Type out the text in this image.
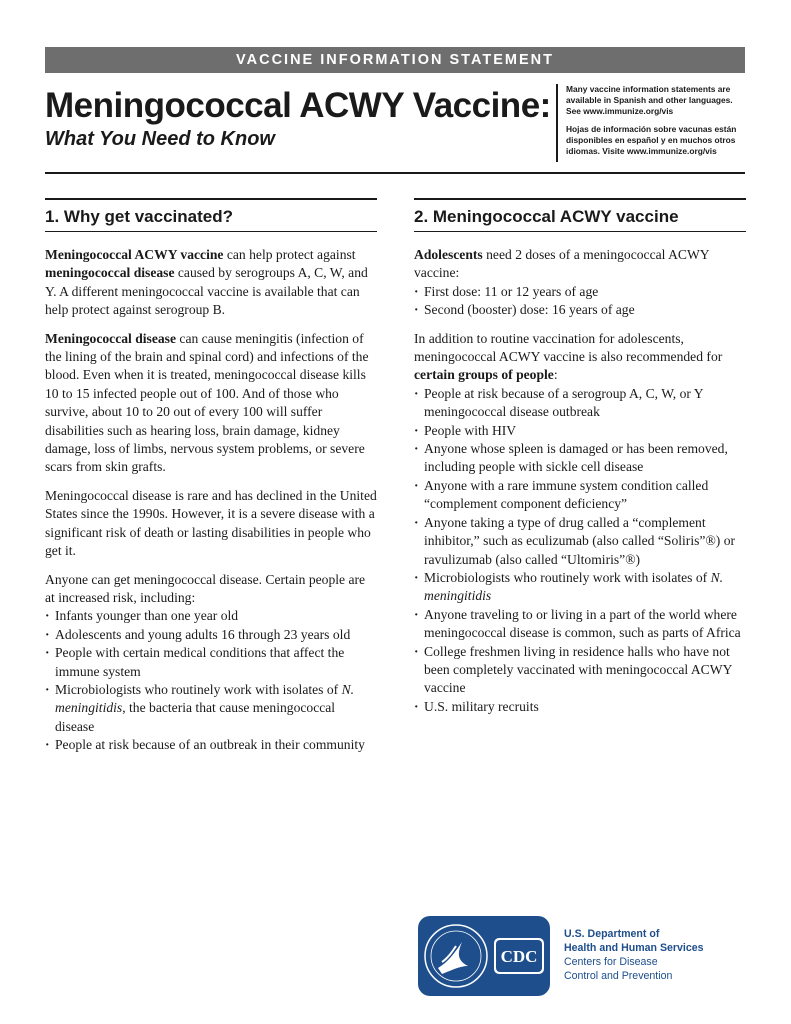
VACCINE INFORMATION STATEMENT
Meningococcal ACWY Vaccine:
What You Need to Know

Many vaccine information statements are available in Spanish and other languages. See www.immunize.org/vis

Hojas de información sobre vacunas están disponibles en español y en muchos otros idiomas. Visite www.immunize.org/vis

1. Why get vaccinated?

Meningococcal ACWY vaccine can help protect against meningococcal disease caused by serogroups A, C, W, and Y. A different meningococcal vaccine is available that can help protect against serogroup B.

Meningococcal disease can cause meningitis (infection of the lining of the brain and spinal cord) and infections of the blood. Even when it is treated, meningococcal disease kills 10 to 15 infected people out of 100. And of those who survive, about 10 to 20 out of every 100 will suffer disabilities such as hearing loss, brain damage, kidney damage, loss of limbs, nervous system problems, or severe scars from skin grafts.

Meningococcal disease is rare and has declined in the United States since the 1990s. However, it is a severe disease with a significant risk of death or lasting disabilities in people who get it.

Anyone can get meningococcal disease. Certain people are at increased risk, including:

· Infants younger than one year old
· Adolescents and young adults 16 through 23 years old
· People with certain medical conditions that affect the immune system
· Microbiologists who routinely work with isolates of N. meningitidis, the bacteria that cause meningococcal disease
· People at risk because of an outbreak in their community
2. Meningococcal ACWY vaccine

Adolescents need 2 doses of a meningococcal ACWY vaccine:

· First dose: 11 or 12 years of age
· Second (booster) dose: 16 years of age

In addition to routine vaccination for adolescents, meningococcal ACWY vaccine is also recommended for certain groups of people:

· People at risk because of a serogroup A, C, W, or Y meningococcal disease outbreak
· People with HIV
· Anyone whose spleen is damaged or has been removed, including people with sickle cell disease
· Anyone with a rare immune system condition called “complement component deficiency”
· Anyone taking a type of drug called a “complement inhibitor,” such as eculizumab (also called “Soliris”®) or ravulizumab (also called “Ultomiris”®)
· Microbiologists who routinely work with isolates of N. meningitidis
· Anyone traveling to or living in a part of the world where meningococcal disease is common, such as parts of Africa
· College freshmen living in residence halls who have not been completely vaccinated with meningococcal ACWY vaccine
· U.S. military recruits
CDC
U.S. Department of
Health and Human Services
Centers for Disease
Control and Prevention
